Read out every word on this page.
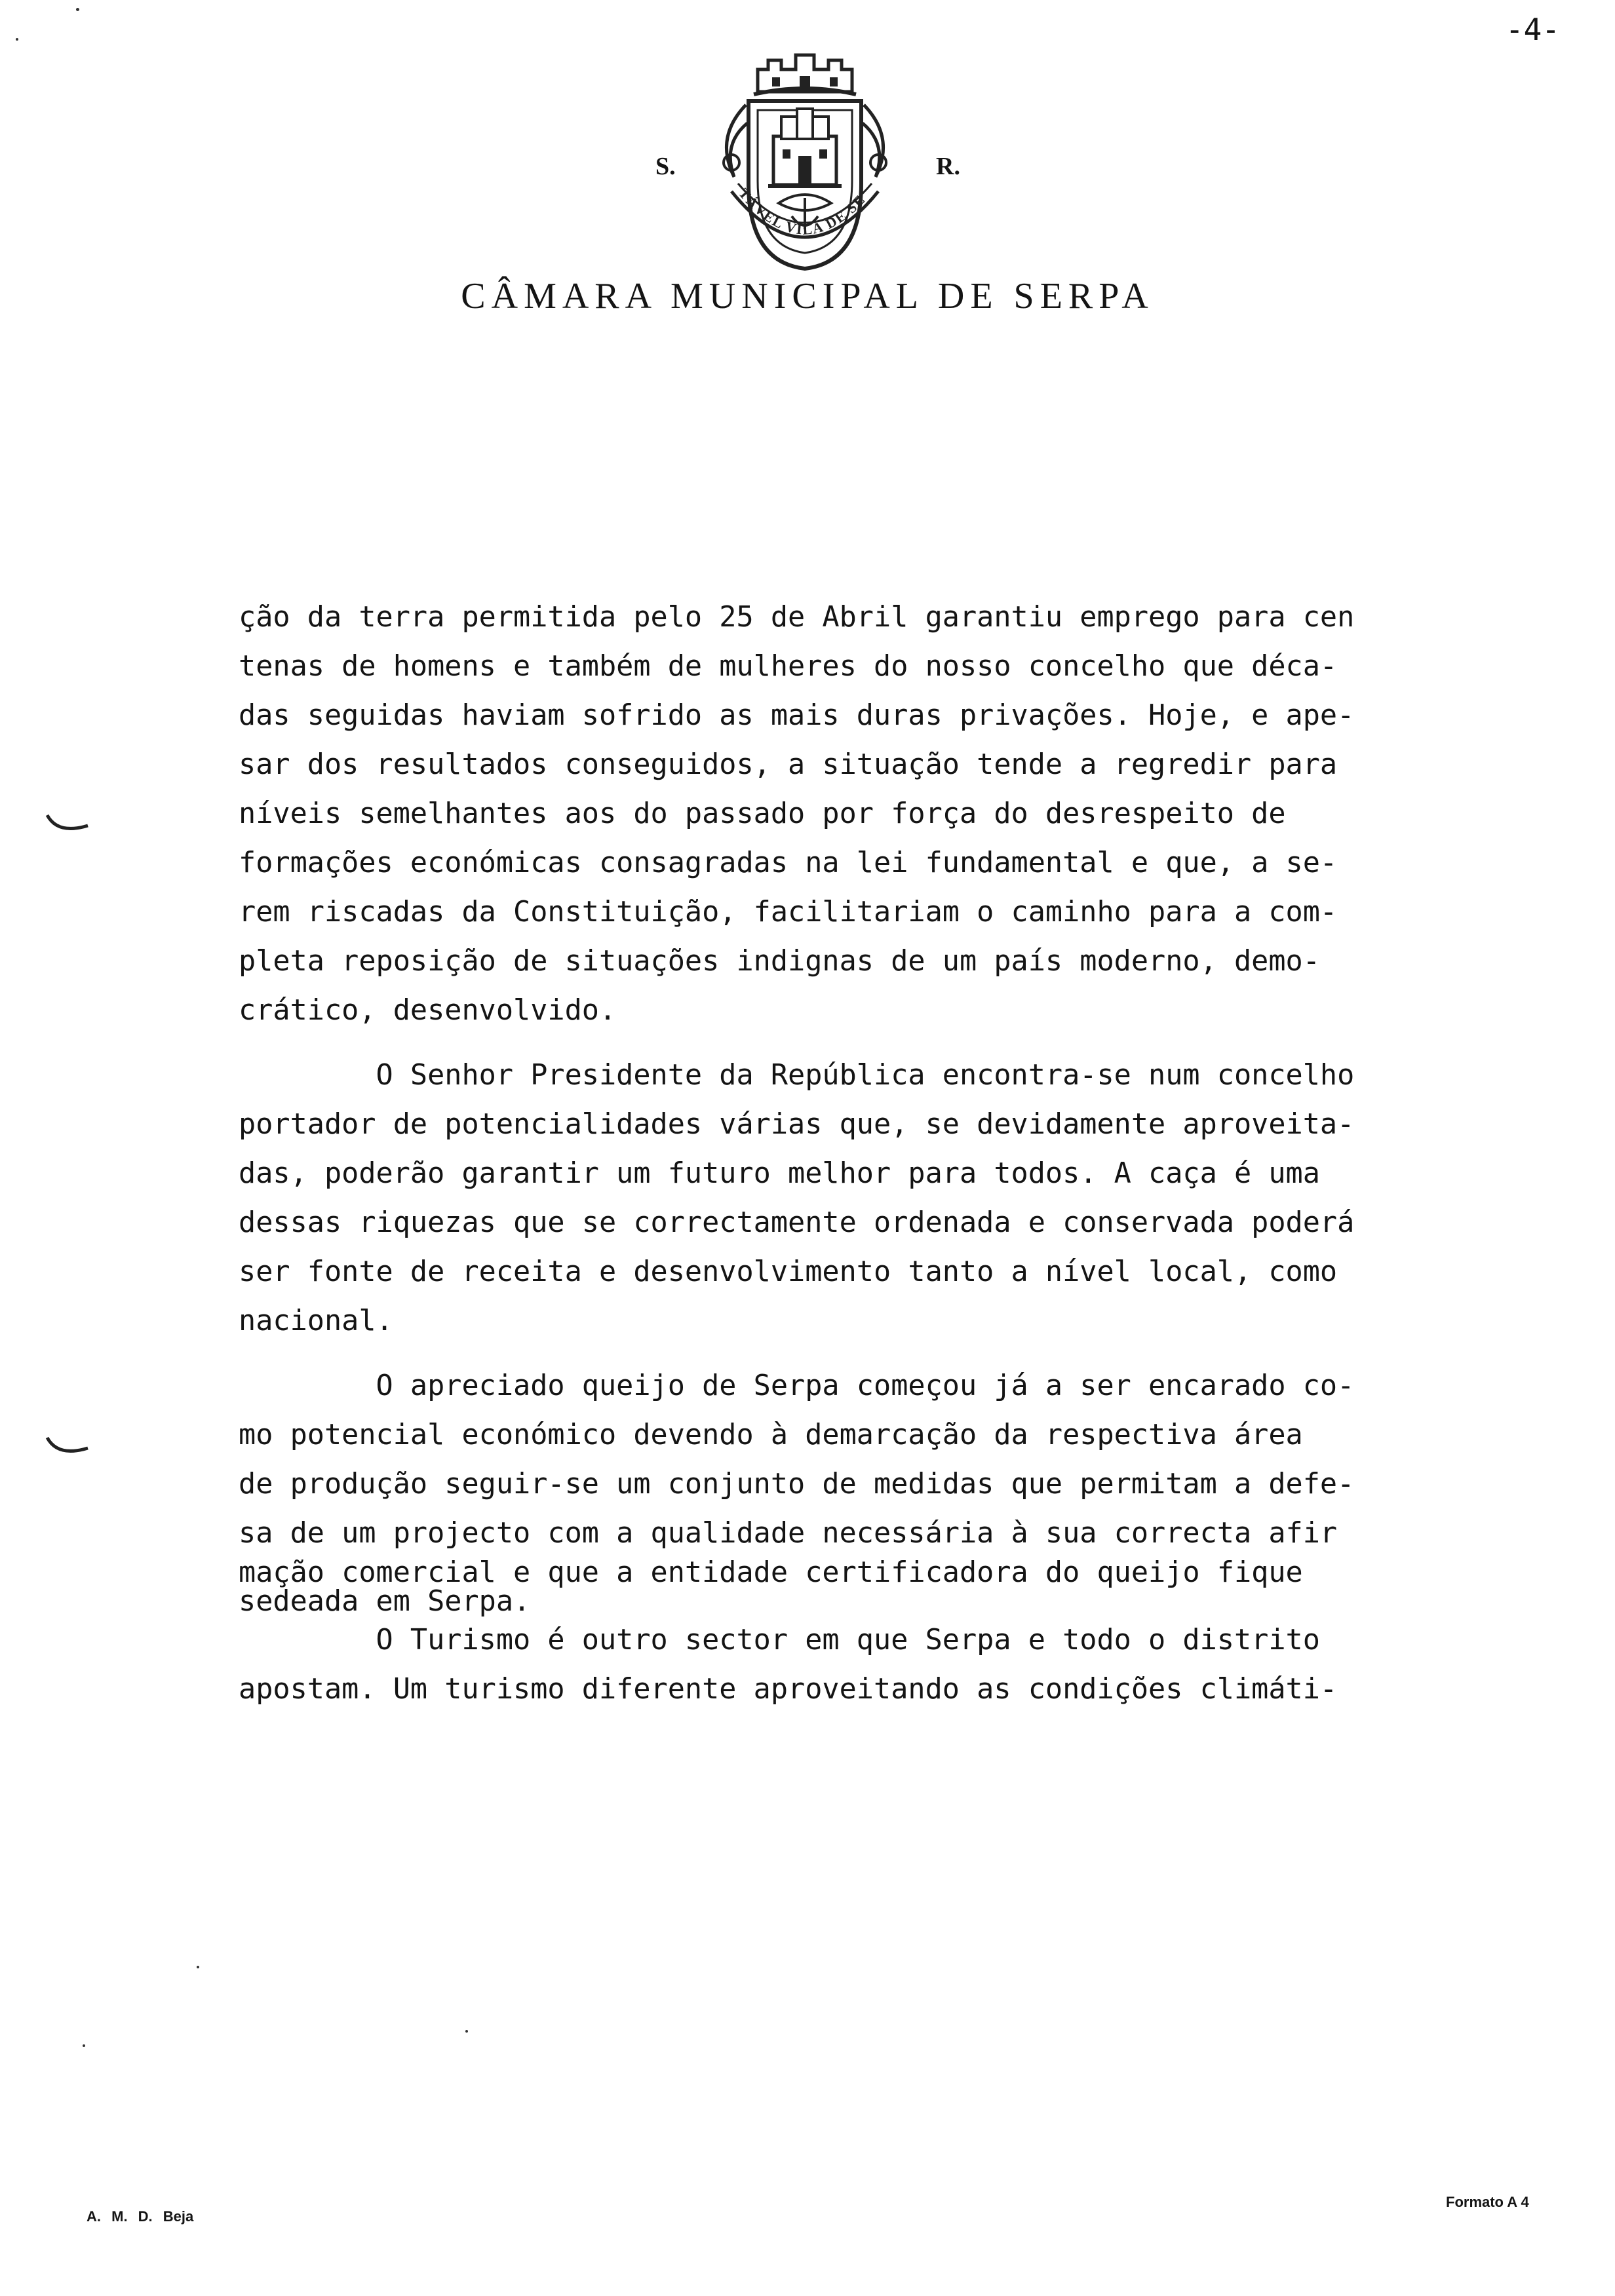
-4-
TÁVEL VILA DE SE
S.	R.
CÂMARA MUNICIPAL DE SERPA
ção da terra permitida pelo 25 de Abril garantiu emprego para cen
tenas de homens e também de mulheres do nosso concelho que déca-
das seguidas haviam sofrido as mais duras privações. Hoje, e ape-
sar dos resultados conseguidos, a situação tende a regredir para
níveis semelhantes aos do passado por força do desrespeito de
formações económicas consagradas na lei fundamental e que, a se-
rem riscadas da Constituição, facilitariam o caminho para a com-
pleta reposição de situações indignas de um país moderno, demo-
crático, desenvolvido.
O Senhor Presidente da República encontra-se num concelho
portador de potencialidades várias que, se devidamente aproveita-
das, poderão garantir um futuro melhor para todos. A caça é uma
dessas riquezas que se correctamente ordenada e conservada poderá
ser fonte de receita e desenvolvimento tanto a nível local, como
nacional.
O apreciado queijo de Serpa começou já a ser encarado co-
mo potencial económico devendo à demarcação da respectiva área
de produção seguir-se um conjunto de medidas que permitam a defe-
sa de um projecto com a qualidade necessária à sua correcta afir
mação comercial e que a entidade certificadora do queijo fique
sedeada em Serpa.
O Turismo é outro sector em que Serpa e todo o distrito
apostam. Um turismo diferente aproveitando as condições climáti-
A. M. D. Beja
Formato A 4
